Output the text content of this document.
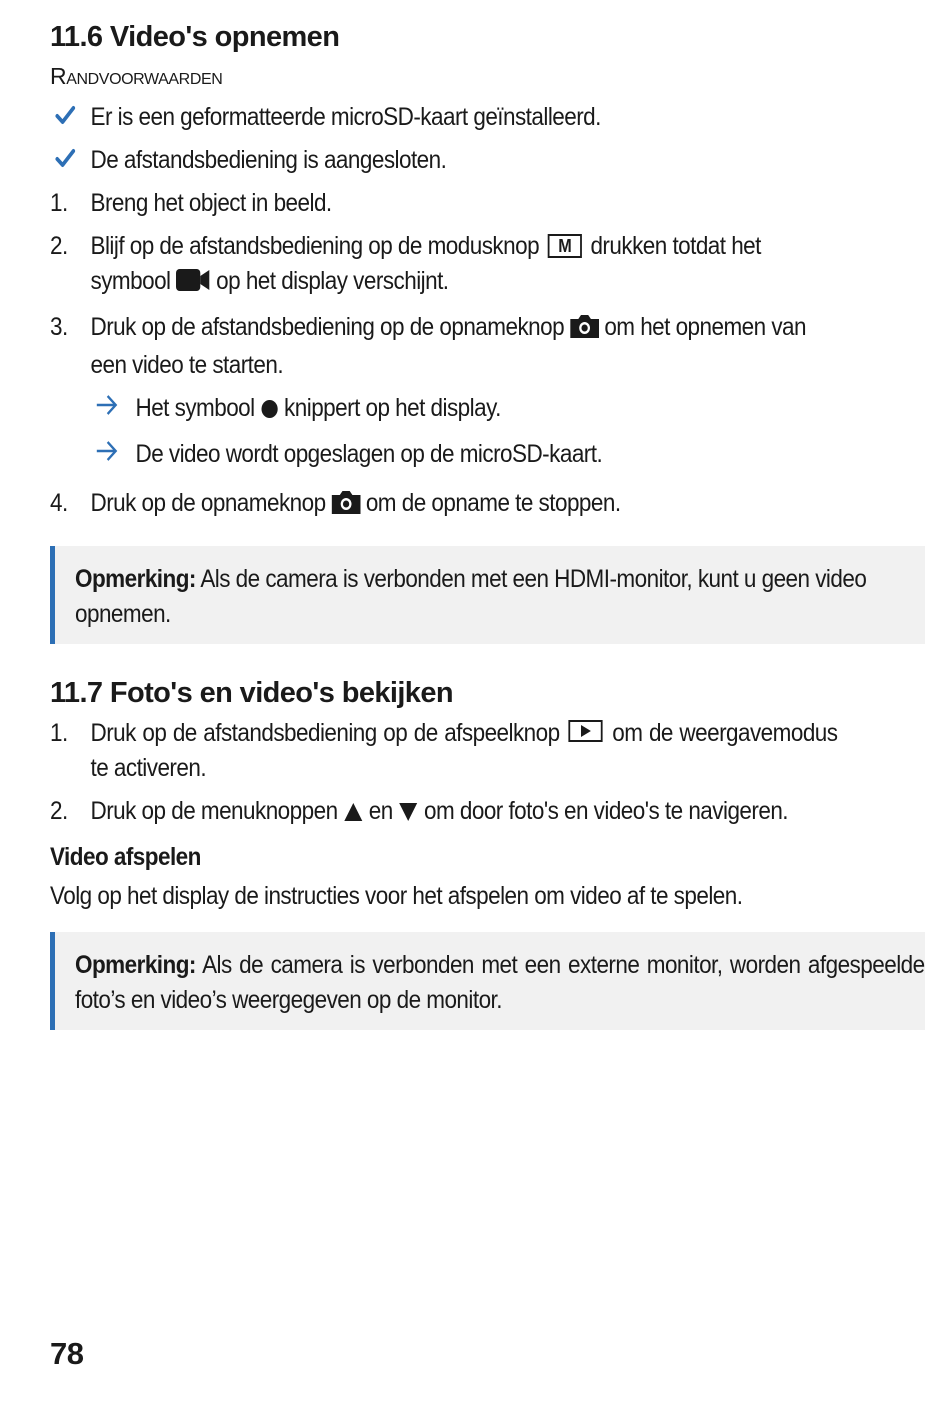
11.6 Video's opnemen
Randvoorwaarden
Er is een geformatteerde microSD-kaart geïnstalleerd.
De afstandsbediening is aangesloten.
1. Breng het object in beeld.
2. Blijf op de afstandsbediening op de modusknop M drukken totdat het symbool op het display verschijnt.
3. Druk op de afstandsbediening op de opnameknop om het opnemen van een video te starten.
Het symbool knippert op het display.
De video wordt opgeslagen op de microSD-kaart.
4. Druk op de opnameknop om de opname te stoppen.
Opmerking: Als de camera is verbonden met een HDMI-monitor, kunt u geen video opnemen.
11.7 Foto's en video's bekijken
1. Druk op de afstandsbediening op de afspeelknop om de weergavemodus te activeren.
2. Druk op de menuknoppen en om door foto's en video's te navigeren.
Video afspelen
Volg op het display de instructies voor het afspelen om video af te spelen.
Opmerking: Als de camera is verbonden met een externe monitor, worden afgespeelde foto’s en video’s weergegeven op de monitor.
78
